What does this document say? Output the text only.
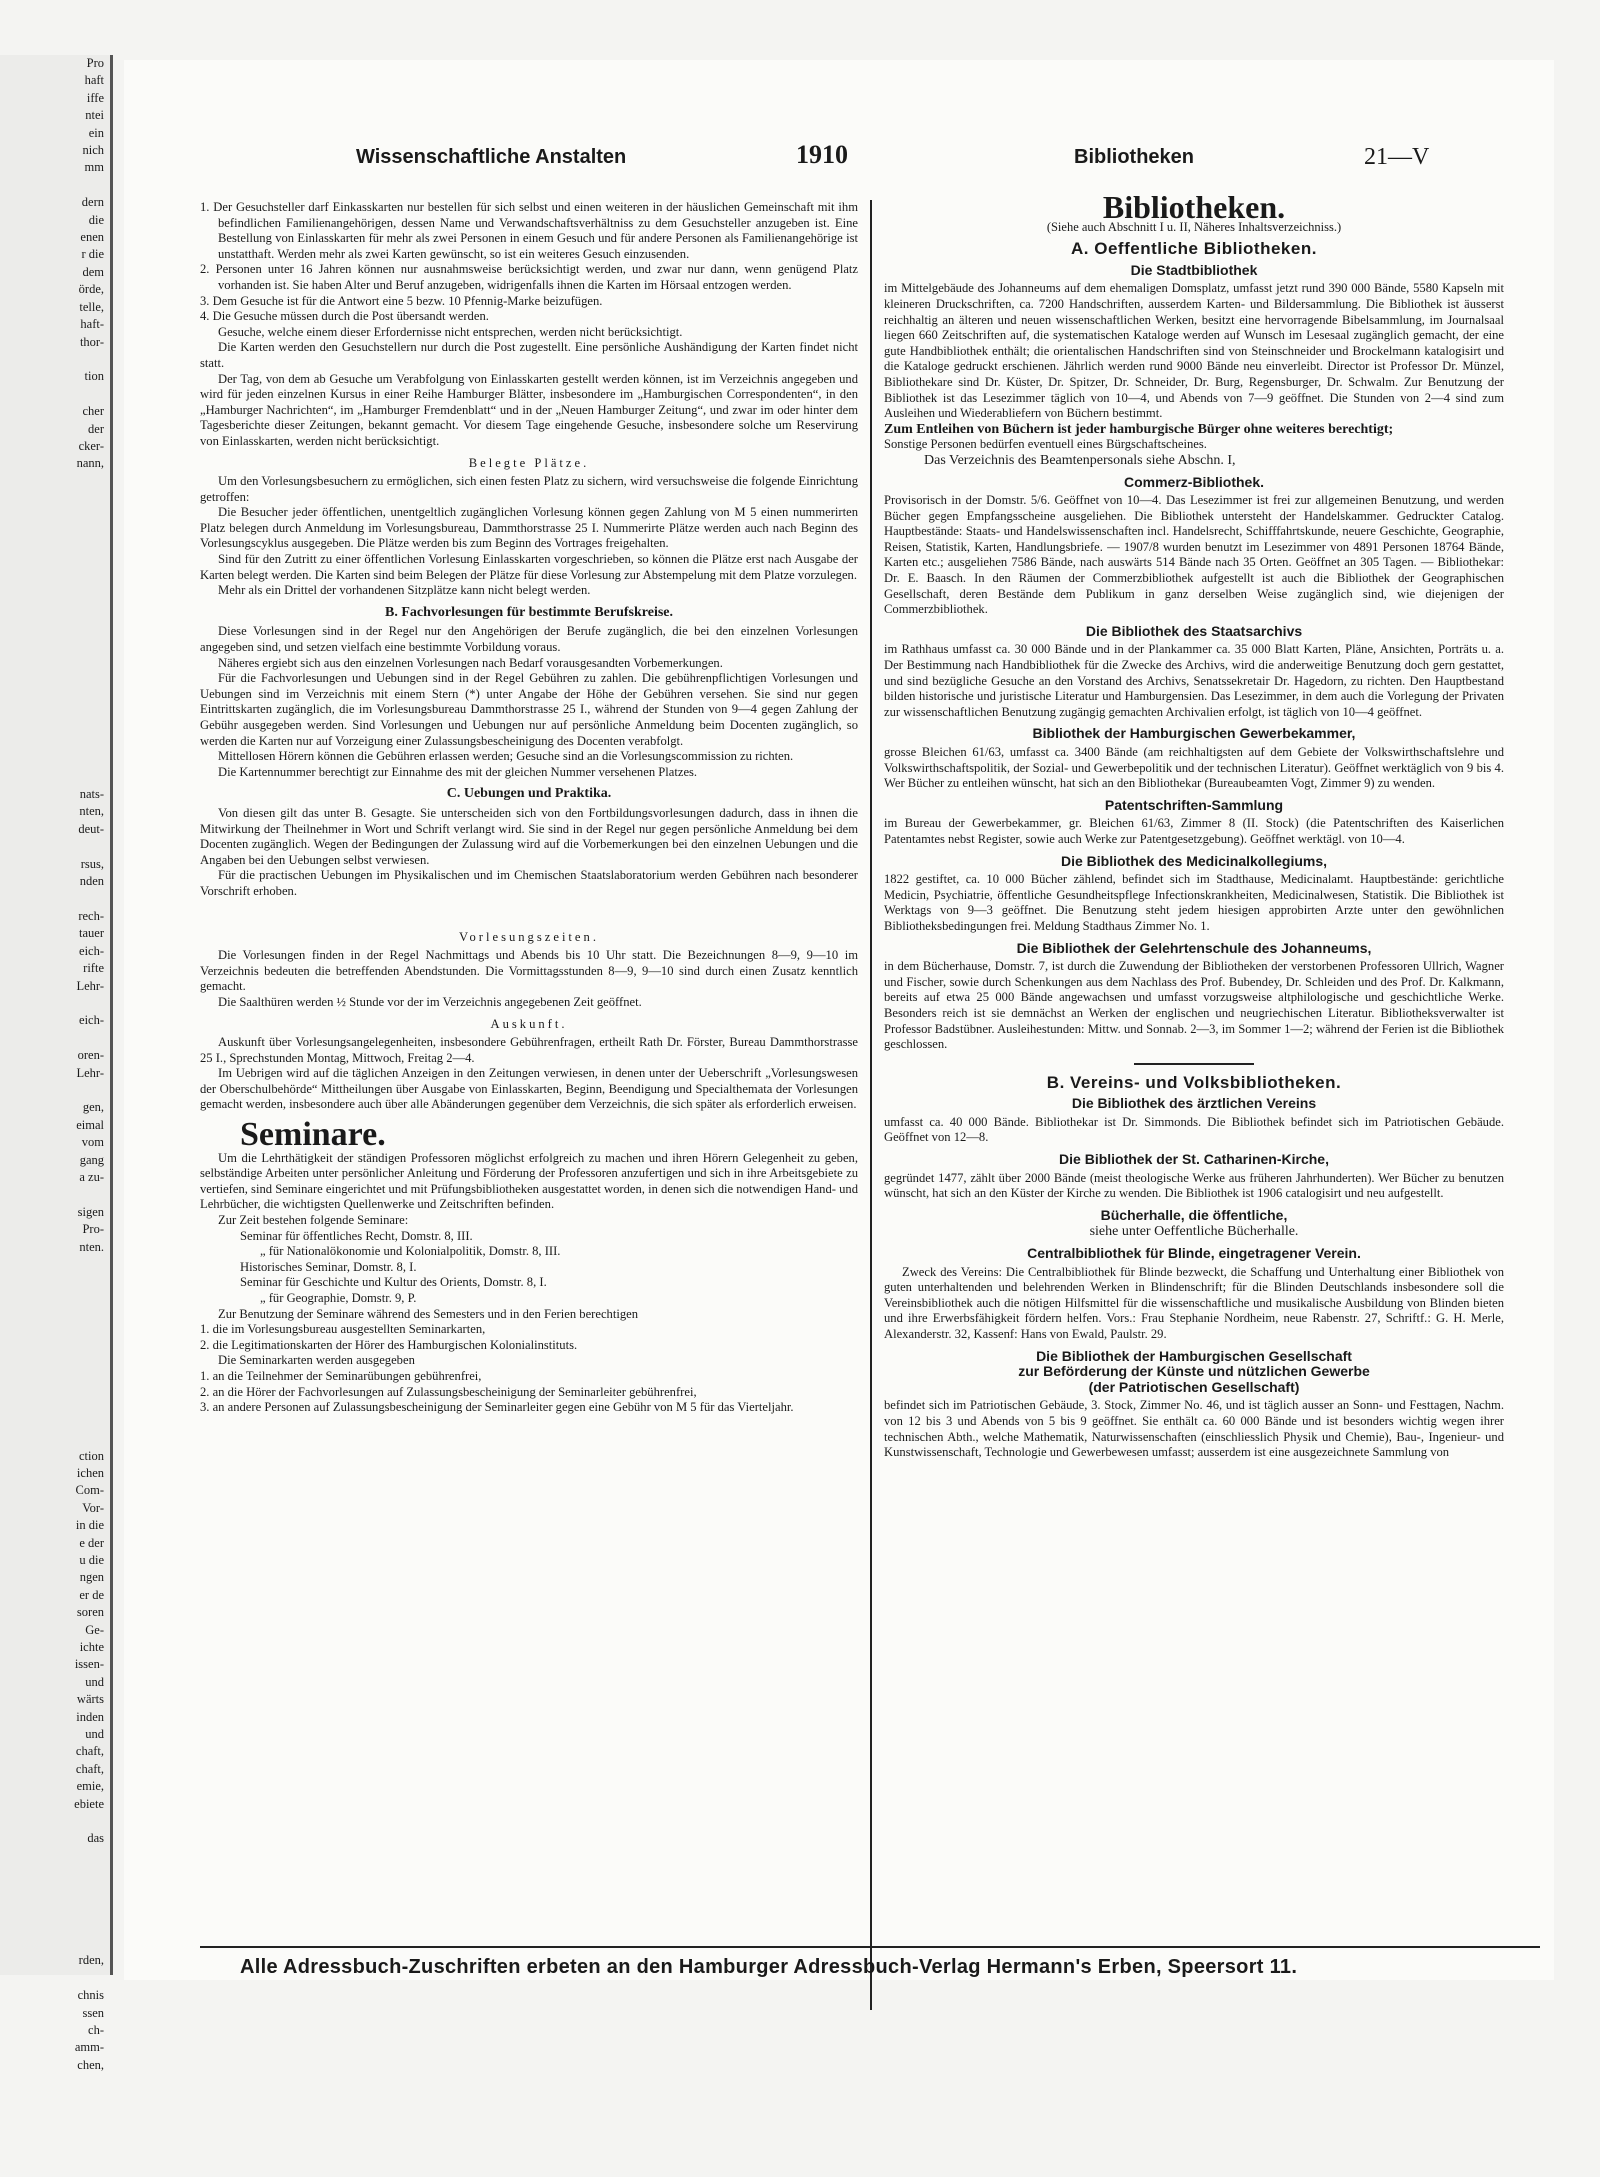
Pro
haft
iffe
ntei
ein
nich
mm

dern
die
enen
r die
dem
örde,
telle,
haft-
thor-

tion

cher
der
cker-
nann,

nats-
nten,
deut-

rsus,
nden

rech-
tauer
eich-
rifte
Lehr-

eich-

oren-
Lehr-

gen,
eimal
vom
gang
a zu-

sigen
Pro-
nten.

ction
ichen
Com-
Vor-
in die
e der
u die
ngen
er de
soren
Ge-
ichte
issen-
und
wärts
inden
und
chaft,
chaft,
emie,
ebiete

das

rden,

chnis
ssen
ch-
amm-
chen,
Wissenschaftliche Anstalten	1910	Bibliotheken	21—V

1. Der Gesuchsteller darf Einkasskarten nur bestellen für sich selbst und einen weiteren in der häuslichen Gemeinschaft mit ihm befindlichen Familienangehörigen, dessen Name und Verwandschaftsverhältniss zu dem Gesuchsteller anzugeben ist. Eine Bestellung von Einlasskarten für mehr als zwei Personen in einem Gesuch und für andere Personen als Familienangehörige ist unstatthaft. Werden mehr als zwei Karten gewünscht, so ist ein weiteres Gesuch einzusenden.

2. Personen unter 16 Jahren können nur ausnahmsweise berücksichtigt werden, und zwar nur dann, wenn genügend Platz vorhanden ist. Sie haben Alter und Beruf anzugeben, widrigenfalls ihnen die Karten im Hörsaal entzogen werden.

3. Dem Gesuche ist für die Antwort eine 5 bezw. 10 Pfennig-Marke beizufügen.

4. Die Gesuche müssen durch die Post übersandt werden.

Gesuche, welche einem dieser Erfordernisse nicht entsprechen, werden nicht berücksichtigt.

Die Karten werden den Gesuchstellern nur durch die Post zugestellt. Eine persönliche Aushändigung der Karten findet nicht statt.

Der Tag, von dem ab Gesuche um Verabfolgung von Einlasskarten gestellt werden können, ist im Verzeichnis angegeben und wird für jeden einzelnen Kursus in einer Reihe Hamburger Blätter, insbesondere im „Hamburgischen Correspondenten“, in den „Hamburger Nachrichten“, im „Hamburger Fremdenblatt“ und in der „Neuen Hamburger Zeitung“, und zwar im oder hinter dem Tagesberichte dieser Zeitungen, bekannt gemacht. Vor diesem Tage eingehende Gesuche, insbesondere solche um Reservirung von Einlasskarten, werden nicht berücksichtigt.

Belegte Plätze.

Um den Vorlesungsbesuchern zu ermöglichen, sich einen festen Platz zu sichern, wird versuchsweise die folgende Einrichtung getroffen:

Die Besucher jeder öffentlichen, unentgeltlich zugänglichen Vorlesung können gegen Zahlung von M 5 einen nummerirten Platz belegen durch Anmeldung im Vorlesungsbureau, Dammthorstrasse 25 I. Nummerirte Plätze werden auch nach Beginn des Vorlesungscyklus ausgegeben. Die Plätze werden bis zum Beginn des Vortrages freigehalten.

Sind für den Zutritt zu einer öffentlichen Vorlesung Einlasskarten vorgeschrieben, so können die Plätze erst nach Ausgabe der Karten belegt werden. Die Karten sind beim Belegen der Plätze für diese Vorlesung zur Abstempelung mit dem Platze vorzulegen.

Mehr als ein Drittel der vorhandenen Sitzplätze kann nicht belegt werden.

B. Fachvorlesungen für bestimmte Berufskreise.

Diese Vorlesungen sind in der Regel nur den Angehörigen der Berufe zugänglich, die bei den einzelnen Vorlesungen angegeben sind, und setzen vielfach eine bestimmte Vorbildung voraus.

Näheres ergiebt sich aus den einzelnen Vorlesungen nach Bedarf vorausgesandten Vorbemerkungen.

Für die Fachvorlesungen und Uebungen sind in der Regel Gebühren zu zahlen. Die gebührenpflichtigen Vorlesungen und Uebungen sind im Verzeichnis mit einem Stern (*) unter Angabe der Höhe der Gebühren versehen. Sie sind nur gegen Eintrittskarten zugänglich, die im Vorlesungsbureau Dammthorstrasse 25 I., während der Stunden von 9—4 gegen Zahlung der Gebühr ausgegeben werden. Sind Vorlesungen und Uebungen nur auf persönliche Anmeldung beim Docenten zugänglich, so werden die Karten nur auf Vorzeigung einer Zulassungsbescheinigung des Docenten verabfolgt.

Mittellosen Hörern können die Gebühren erlassen werden; Gesuche sind an die Vorlesungscommission zu richten.

Die Kartennummer berechtigt zur Einnahme des mit der gleichen Nummer versehenen Platzes.

C. Uebungen und Praktika.

Von diesen gilt das unter B. Gesagte. Sie unterscheiden sich von den Fortbildungsvorlesungen dadurch, dass in ihnen die Mitwirkung der Theilnehmer in Wort und Schrift verlangt wird. Sie sind in der Regel nur gegen persönliche Anmeldung bei dem Docenten zugänglich. Wegen der Bedingungen der Zulassung wird auf die Vorbemerkungen bei den einzelnen Uebungen und die Angaben bei den Uebungen selbst verwiesen.

Für die practischen Uebungen im Physikalischen und im Chemischen Staatslaboratorium werden Gebühren nach besonderer Vorschrift erhoben.

Vorlesungszeiten.

Die Vorlesungen finden in der Regel Nachmittags und Abends bis 10 Uhr statt. Die Bezeichnungen 8—9, 9—10 im Verzeichnis bedeuten die betreffenden Abendstunden. Die Vormittagsstunden 8—9, 9—10 sind durch einen Zusatz kenntlich gemacht.

Die Saalthüren werden ½ Stunde vor der im Verzeichnis angegebenen Zeit geöffnet.

Auskunft.

Auskunft über Vorlesungsangelegenheiten, insbesondere Gebührenfragen, ertheilt Rath Dr. Förster, Bureau Dammthorstrasse 25 I., Sprechstunden Montag, Mittwoch, Freitag 2—4.

Im Uebrigen wird auf die täglichen Anzeigen in den Zeitungen verwiesen, in denen unter der Ueberschrift „Vorlesungswesen der Oberschulbehörde“ Mittheilungen über Ausgabe von Einlasskarten, Beginn, Beendigung und Specialthemata der Vorlesungen gemacht werden, insbesondere auch über alle Abänderungen gegenüber dem Verzeichnis, die sich später als erforderlich erweisen.

Seminare.

Um die Lehrthätigkeit der ständigen Professoren möglichst erfolgreich zu machen und ihren Hörern Gelegenheit zu geben, selbständige Arbeiten unter persönlicher Anleitung und Förderung der Professoren anzufertigen und sich in ihre Arbeitsgebiete zu vertiefen, sind Seminare eingerichtet und mit Prüfungsbibliotheken ausgestattet worden, in denen sich die notwendigen Hand- und Lehrbücher, die wichtigsten Quellenwerke und Zeitschriften befinden.

Zur Zeit bestehen folgende Seminare:

Seminar für öffentliches Recht, Domstr. 8, III.

„ für Nationalökonomie und Kolonialpolitik, Domstr. 8, III.

Historisches Seminar, Domstr. 8, I.

Seminar für Geschichte und Kultur des Orients, Domstr. 8, I.

„ für Geographie, Domstr. 9, P.

Zur Benutzung der Seminare während des Semesters und in den Ferien berechtigen

1. die im Vorlesungsbureau ausgestellten Seminarkarten,

2. die Legitimationskarten der Hörer des Hamburgischen Kolonialinstituts.

Die Seminarkarten werden ausgegeben

1. an die Teilnehmer der Seminarübungen gebührenfrei,

2. an die Hörer der Fachvorlesungen auf Zulassungsbescheinigung der Seminarleiter gebührenfrei,

3. an andere Personen auf Zulassungsbescheinigung der Seminarleiter gegen eine Gebühr von M 5 für das Vierteljahr.

Bibliotheken.
(Siehe auch Abschnitt I u. II, Näheres Inhaltsverzeichniss.)
A. Oeffentliche Bibliotheken.
Die Stadtbibliothek

im Mittelgebäude des Johanneums auf dem ehemaligen Domsplatz, umfasst jetzt rund 390 000 Bände, 5580 Kapseln mit kleineren Druckschriften, ca. 7200 Handschriften, ausserdem Karten- und Bildersammlung. Die Bibliothek ist äusserst reichhaltig an älteren und neuen wissenschaftlichen Werken, besitzt eine hervorragende Bibelsammlung, im Journalsaal liegen 660 Zeitschriften auf, die systematischen Kataloge werden auf Wunsch im Lesesaal zugänglich gemacht, der eine gute Handbibliothek enthält; die orientalischen Handschriften sind von Steinschneider und Brockelmann katalogisirt und die Kataloge gedruckt erschienen. Jährlich werden rund 9000 Bände neu einverleibt. Director ist Professor Dr. Münzel, Bibliothekare sind Dr. Küster, Dr. Spitzer, Dr. Schneider, Dr. Burg, Regensburger, Dr. Schwalm. Zur Benutzung der Bibliothek ist das Lesezimmer täglich von 10—4, und Abends von 7—9 geöffnet. Die Stunden von 2—4 sind zum Ausleihen und Wiederabliefern von Büchern bestimmt.

Zum Entleihen von Büchern ist jeder hamburgische Bürger ohne weiteres berechtigt;

Sonstige Personen bedürfen eventuell eines Bürgschaftscheines.

Das Verzeichnis des Beamtenpersonals siehe Abschn. I,

Commerz-Bibliothek.

Provisorisch in der Domstr. 5/6. Geöffnet von 10—4. Das Lesezimmer ist frei zur allgemeinen Benutzung, und werden Bücher gegen Empfangsscheine ausgeliehen. Die Bibliothek untersteht der Handelskammer. Gedruckter Catalog. Hauptbestände: Staats- und Handelswissenschaften incl. Handelsrecht, Schifffahrtskunde, neuere Geschichte, Geographie, Reisen, Statistik, Karten, Handlungsbriefe. — 1907/8 wurden benutzt im Lesezimmer von 4891 Personen 18764 Bände, Karten etc.; ausgeliehen 7586 Bände, nach auswärts 514 Bände nach 35 Orten. Geöffnet an 305 Tagen. — Bibliothekar: Dr. E. Baasch. In den Räumen der Commerzbibliothek aufgestellt ist auch die Bibliothek der Geographischen Gesellschaft, deren Bestände dem Publikum in ganz derselben Weise zugänglich sind, wie diejenigen der Commerzbibliothek.

Die Bibliothek des Staatsarchivs

im Rathhaus umfasst ca. 30 000 Bände und in der Plankammer ca. 35 000 Blatt Karten, Pläne, Ansichten, Porträts u. a. Der Bestimmung nach Handbibliothek für die Zwecke des Archivs, wird die anderweitige Benutzung doch gern gestattet, und sind bezügliche Gesuche an den Vorstand des Archivs, Senatssekretair Dr. Hagedorn, zu richten. Den Hauptbestand bilden historische und juristische Literatur und Hamburgensien. Das Lesezimmer, in dem auch die Vorlegung der Privaten zur wissenschaftlichen Benutzung zugängig gemachten Archivalien erfolgt, ist täglich von 10—4 geöffnet.

Bibliothek der Hamburgischen Gewerbekammer,

grosse Bleichen 61/63, umfasst ca. 3400 Bände (am reichhaltigsten auf dem Gebiete der Volkswirthschaftslehre und Volkswirthschaftspolitik, der Sozial- und Gewerbepolitik und der technischen Literatur). Geöffnet werktäglich von 9 bis 4. Wer Bücher zu entleihen wünscht, hat sich an den Bibliothekar (Bureaubeamten Vogt, Zimmer 9) zu wenden.

Patentschriften-Sammlung

im Bureau der Gewerbekammer, gr. Bleichen 61/63, Zimmer 8 (II. Stock) (die Patentschriften des Kaiserlichen Patentamtes nebst Register, sowie auch Werke zur Patentgesetzgebung). Geöffnet werktägl. von 10—4.

Die Bibliothek des Medicinalkollegiums,

1822 gestiftet, ca. 10 000 Bücher zählend, befindet sich im Stadthause, Medicinalamt. Hauptbestände: gerichtliche Medicin, Psychiatrie, öffentliche Gesundheitspflege Infectionskrankheiten, Medicinalwesen, Statistik. Die Bibliothek ist Werktags von 9—3 geöffnet. Die Benutzung steht jedem hiesigen approbirten Arzte unter den gewöhnlichen Bibliotheksbedingungen frei. Meldung Stadthaus Zimmer No. 1.

Die Bibliothek der Gelehrtenschule des Johanneums,

in dem Bücherhause, Domstr. 7, ist durch die Zuwendung der Bibliotheken der verstorbenen Professoren Ullrich, Wagner und Fischer, sowie durch Schenkungen aus dem Nachlass des Prof. Bubendey, Dr. Schleiden und des Prof. Dr. Kalkmann, bereits auf etwa 25 000 Bände angewachsen und umfasst vorzugsweise altphilologische und geschichtliche Werke. Besonders reich ist sie demnächst an Werken der englischen und neugriechischen Literatur. Bibliotheksverwalter ist Professor Badstübner. Ausleihestunden: Mittw. und Sonnab. 2—3, im Sommer 1—2; während der Ferien ist die Bibliothek geschlossen.

B. Vereins- und Volksbibliotheken.
Die Bibliothek des ärztlichen Vereins

umfasst ca. 40 000 Bände. Bibliothekar ist Dr. Simmonds. Die Bibliothek befindet sich im Patriotischen Gebäude. Geöffnet von 12—8.

Die Bibliothek der St. Catharinen-Kirche,

gegründet 1477, zählt über 2000 Bände (meist theologische Werke aus früheren Jahrhunderten). Wer Bücher zu benutzen wünscht, hat sich an den Küster der Kirche zu wenden. Die Bibliothek ist 1906 catalogisirt und neu aufgestellt.

Bücherhalle, die öffentliche,
siehe unter Oeffentliche Bücherhalle.
Centralbibliothek für Blinde, eingetragener Verein.

Zweck des Vereins: Die Centralbibliothek für Blinde bezweckt, die Schaffung und Unterhaltung einer Bibliothek von guten unterhaltenden und belehrenden Werken in Blindenschrift; für die Blinden Deutschlands insbesondere soll die Vereinsbibliothek auch die nötigen Hilfsmittel für die wissenschaftliche und musikalische Ausbildung von Blinden bieten und ihre Erwerbsfähigkeit fördern helfen. Vors.: Frau Stephanie Nordheim, neue Rabenstr. 27, Schriftf.: G. H. Merle, Alexanderstr. 32, Kassenf: Hans von Ewald, Paulstr. 29.

Die Bibliothek der Hamburgischen Gesellschaft
zur Beförderung der Künste und nützlichen Gewerbe
(der Patriotischen Gesellschaft)

befindet sich im Patriotischen Gebäude, 3. Stock, Zimmer No. 46, und ist täglich ausser an Sonn- und Festtagen, Nachm. von 12 bis 3 und Abends von 5 bis 9 geöffnet. Sie enthält ca. 60 000 Bände und ist besonders wichtig wegen ihrer technischen Abth., welche Mathematik, Naturwissenschaften (einschliesslich Physik und Chemie), Bau-, Ingenieur- und Kunstwissenschaft, Technologie und Gewerbewesen umfasst; ausserdem ist eine ausgezeichnete Sammlung von

Alle Adressbuch-Zuschriften erbeten an den Hamburger Adressbuch-Verlag Hermann's Erben, Speersort 11.
